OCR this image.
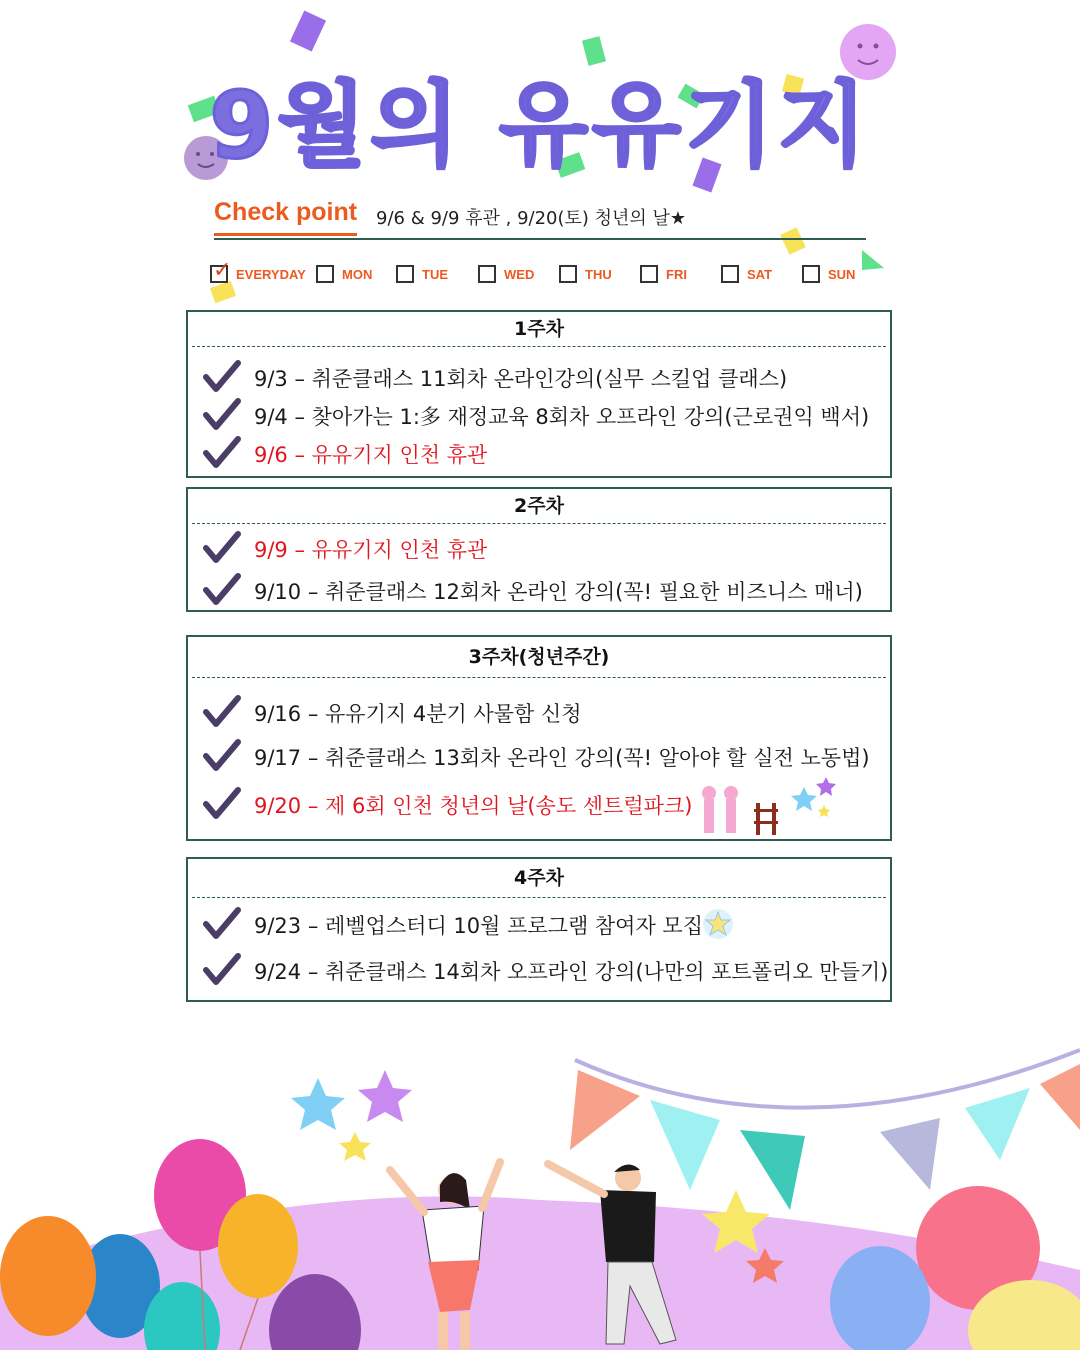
9월의 유유기지
Check point 9/6 & 9/9 휴관 , 9/20(토) 청년의 날★
✓ EVERYDAY	MON	TUE	WED	THU	FRI	SAT	SUN
1주차
9/3 – 취준클래스 11회차 온라인강의(실무 스킬업 클래스)
9/4 – 찾아가는 1:多 재정교육 8회차 오프라인 강의(근로권익 백서)
9/6 – 유유기지 인천 휴관
2주차
9/9 – 유유기지 인천 휴관
9/10 – 취준클래스 12회차 온라인 강의(꼭! 필요한 비즈니스 매너)
3주차(청년주간)
9/16 – 유유기지 4분기 사물함 신청
9/17 – 취준클래스 13회차 온라인 강의(꼭! 알아야 할 실전 노동법)
9/20 – 제 6회 인천 청년의 날(송도 센트럴파크)
4주차
9/23 – 레벨업스터디 10월 프로그램 참여자 모집
9/24 – 취준클래스 14회차 오프라인 강의(나만의 포트폴리오 만들기)
